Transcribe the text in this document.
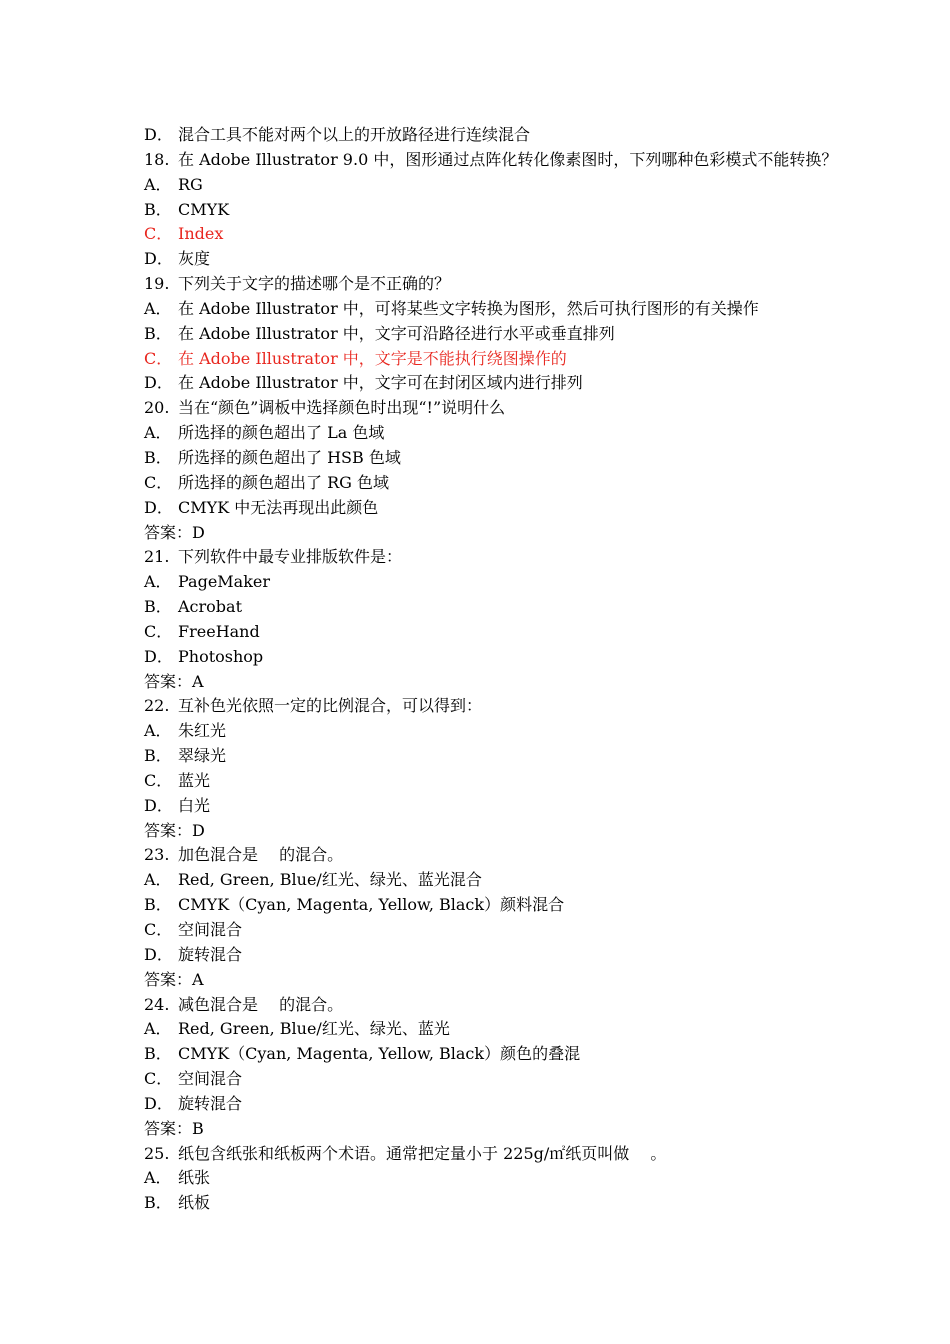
D． 混合工具不能对两个以上的开放路径进行连续混合
18. 在 Adobe Illustrator 9.0 中，图形通过点阵化转化像素图时，下列哪种色彩模式不能转换？
A． RG
B． CMYK
C． Index
D． 灰度
19. 下列关于文字的描述哪个是不正确的？
A． 在 Adobe Illustrator 中，可将某些文字转换为图形，然后可执行图形的有关操作
B． 在 Adobe Illustrator 中，文字可沿路径进行水平或垂直排列
C． 在 Adobe Illustrator 中，文字是不能执行绕图操作的
D． 在 Adobe Illustrator 中，文字可在封闭区域内进行排列
20. 当在“颜色”调板中选择颜色时出现“!”说明什么
A． 所选择的颜色超出了 La 色域
B． 所选择的颜色超出了 HSB 色域
C． 所选择的颜色超出了 RG 色域
D． CMYK 中无法再现出此颜色
答案：D
21. 下列软件中最专业排版软件是：
A． PageMaker
B． Acrobat
C． FreeHand
D． Photoshop
答案：A
22. 互补色光依照一定的比例混合，可以得到：
A． 朱红光
B． 翠绿光
C． 蓝光
D． 白光
答案：D
23. 加色混合是　 的混合。
A． Red, Green, Blue/红光、绿光、蓝光混合
B． CMYK（Cyan, Magenta, Yellow, Black）颜料混合
C． 空间混合
D． 旋转混合
答案：A
24. 减色混合是　 的混合。
A． Red, Green, Blue/红光、绿光、蓝光
B． CMYK（Cyan, Magenta, Yellow, Black）颜色的叠混
C． 空间混合
D． 旋转混合
答案：B
25. 纸包含纸张和纸板两个术语。通常把定量小于 225g/㎡纸页叫做　 。
A． 纸张
B． 纸板
